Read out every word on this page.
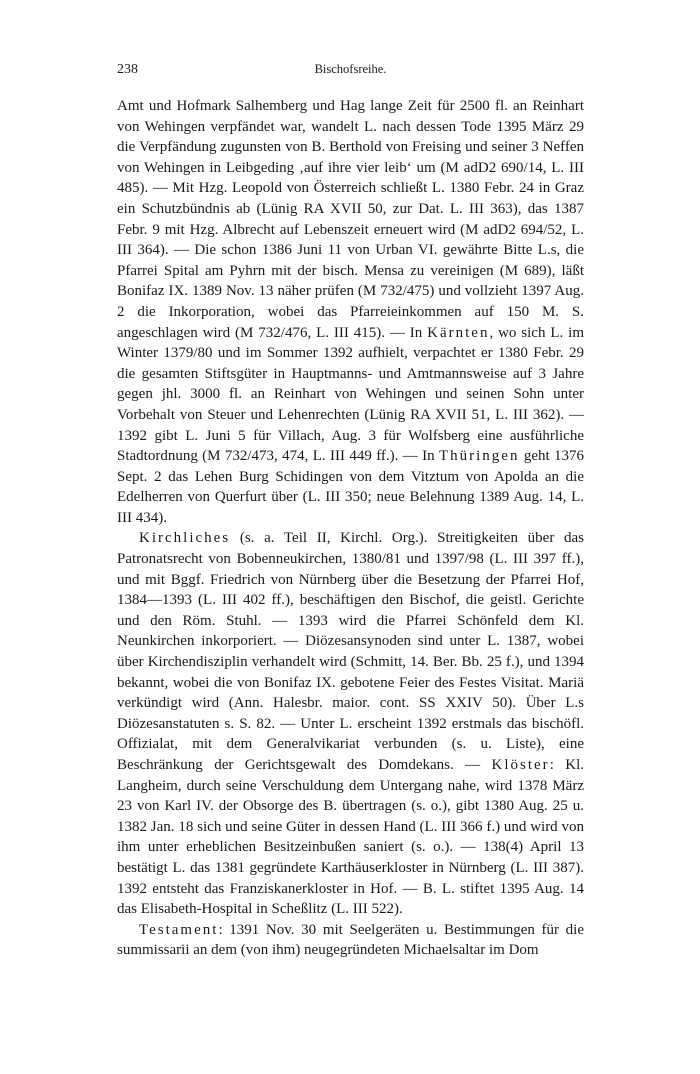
238	Bischofsreihe.

Amt und Hofmark Salhemberg und Hag lange Zeit für 2500 fl. an Reinhart von Wehingen verpfändet war, wandelt L. nach dessen Tode 1395 März 29 die Verpfändung zugunsten von B. Berthold von Freising und seiner 3 Neffen von Wehingen in Leibgeding ‚auf ihre vier leib‘ um (M adD2 690/14, L. III 485). — Mit Hzg. Leopold von Österreich schließt L. 1380 Febr. 24 in Graz ein Schutzbündnis ab (Lünig RA XVII 50, zur Dat. L. III 363), das 1387 Febr. 9 mit Hzg. Albrecht auf Lebenszeit erneuert wird (M adD2 694/52, L. III 364). — Die schon 1386 Juni 11 von Urban VI. gewährte Bitte L.s, die Pfarrei Spital am Pyhrn mit der bisch. Mensa zu vereinigen (M 689), läßt Bonifaz IX. 1389 Nov. 13 näher prüfen (M 732/475) und vollzieht 1397 Aug. 2 die Inkorporation, wobei das Pfarreieinkommen auf 150 M. S. angeschlagen wird (M 732/476, L. III 415). — In Kärnten, wo sich L. im Winter 1379/80 und im Sommer 1392 aufhielt, verpachtet er 1380 Febr. 29 die gesamten Stiftsgüter in Hauptmanns- und Amtmannsweise auf 3 Jahre gegen jhl. 3000 fl. an Reinhart von Wehingen und seinen Sohn unter Vorbehalt von Steuer und Lehenrechten (Lünig RA XVII 51, L. III 362). — 1392 gibt L. Juni 5 für Villach, Aug. 3 für Wolfsberg eine ausführliche Stadtordnung (M 732/473, 474, L. III 449 ff.). — In Thüringen geht 1376 Sept. 2 das Lehen Burg Schidingen von dem Vitztum von Apolda an die Edelherren von Querfurt über (L. III 350; neue Belehnung 1389 Aug. 14, L. III 434).

Kirchliches (s. a. Teil II, Kirchl. Org.). Streitigkeiten über das Patronatsrecht von Bobenneukirchen, 1380/81 und 1397/98 (L. III 397 ff.), und mit Bggf. Friedrich von Nürnberg über die Besetzung der Pfarrei Hof, 1384—1393 (L. III 402 ff.), beschäftigen den Bischof, die geistl. Gerichte und den Röm. Stuhl. — 1393 wird die Pfarrei Schönfeld dem Kl. Neunkirchen inkorporiert. — Diözesansynoden sind unter L. 1387, wobei über Kirchendisziplin verhandelt wird (Schmitt, 14. Ber. Bb. 25 f.), und 1394 bekannt, wobei die von Bonifaz IX. gebotene Feier des Festes Visitat. Mariä verkündigt wird (Ann. Halesbr. maior. cont. SS XXIV 50). Über L.s Diözesanstatuten s. S. 82. — Unter L. erscheint 1392 erstmals das bischöfl. Offizialat, mit dem Generalvikariat verbunden (s. u. Liste), eine Beschränkung der Gerichtsgewalt des Domdekans. — Klöster: Kl. Langheim, durch seine Verschuldung dem Untergang nahe, wird 1378 März 23 von Karl IV. der Obsorge des B. übertragen (s. o.), gibt 1380 Aug. 25 u. 1382 Jan. 18 sich und seine Güter in dessen Hand (L. III 366 f.) und wird von ihm unter erheblichen Besitzeinbußen saniert (s. o.). — 138(4) April 13 bestätigt L. das 1381 gegründete Karthäuserkloster in Nürnberg (L. III 387). 1392 entsteht das Franziskanerkloster in Hof. — B. L. stiftet 1395 Aug. 14 das Elisabeth-Hospital in Scheßlitz (L. III 522).

Testament: 1391 Nov. 30 mit Seelgeräten u. Bestimmungen für die summissarii an dem (von ihm) neugegründeten Michaelsaltar im Dom
